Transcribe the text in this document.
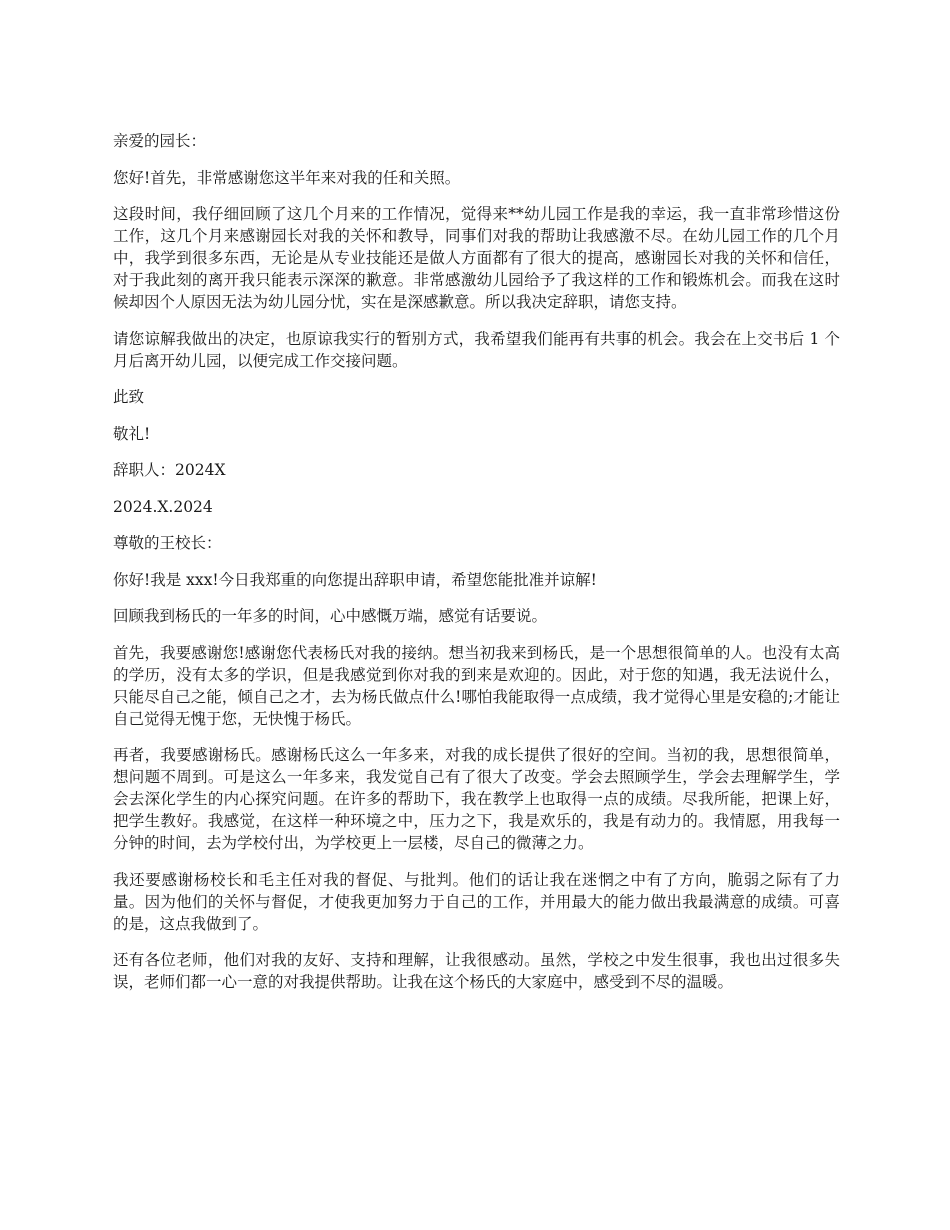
亲爱的园长：

您好!首先，非常感谢您这半年来对我的任和关照。

这段时间，我仔细回顾了这几个月来的工作情况，觉得来**幼儿园工作是我的幸运，我一直非常珍惜这份工作，这几个月来感谢园长对我的关怀和教导，同事们对我的帮助让我感激不尽。在幼儿园工作的几个月中，我学到很多东西，无论是从专业技能还是做人方面都有了很大的提高，感谢园长对我的关怀和信任，对于我此刻的离开我只能表示深深的歉意。非常感激幼儿园给予了我这样的工作和锻炼机会。而我在这时候却因个人原因无法为幼儿园分忧，实在是深感歉意。所以我决定辞职，请您支持。

请您谅解我做出的决定，也原谅我实行的暂别方式，我希望我们能再有共事的机会。我会在上交书后 1 个月后离开幼儿园，以便完成工作交接问题。

此致

敬礼!

辞职人：2024X

2024.X.2024

尊敬的王校长：

你好!我是 xxx!今日我郑重的向您提出辞职申请，希望您能批准并谅解!

回顾我到杨氏的一年多的时间，心中感慨万端，感觉有话要说。

首先，我要感谢您!感谢您代表杨氏对我的接纳。想当初我来到杨氏，是一个思想很简单的人。也没有太高的学历，没有太多的学识，但是我感觉到你对我的到来是欢迎的。因此，对于您的知遇，我无法说什么，只能尽自己之能，倾自己之才，去为杨氏做点什么!哪怕我能取得一点成绩，我才觉得心里是安稳的;才能让自己觉得无愧于您，无快愧于杨氏。

再者，我要感谢杨氏。感谢杨氏这么一年多来，对我的成长提供了很好的空间。当初的我，思想很简单，想问题不周到。可是这么一年多来，我发觉自己有了很大了改变。学会去照顾学生，学会去理解学生，学会去深化学生的内心探究问题。在许多的帮助下，我在教学上也取得一点的成绩。尽我所能，把课上好，把学生教好。我感觉，在这样一种环境之中，压力之下，我是欢乐的，我是有动力的。我情愿，用我每一分钟的时间，去为学校付出，为学校更上一层楼，尽自己的微薄之力。

我还要感谢杨校长和毛主任对我的督促、与批判。他们的话让我在迷惘之中有了方向，脆弱之际有了力量。因为他们的关怀与督促，才使我更加努力于自己的工作，并用最大的能力做出我最满意的成绩。可喜的是，这点我做到了。

还有各位老师，他们对我的友好、支持和理解，让我很感动。虽然，学校之中发生很事，我也出过很多失误，老师们都一心一意的对我提供帮助。让我在这个杨氏的大家庭中，感受到不尽的温暖。
